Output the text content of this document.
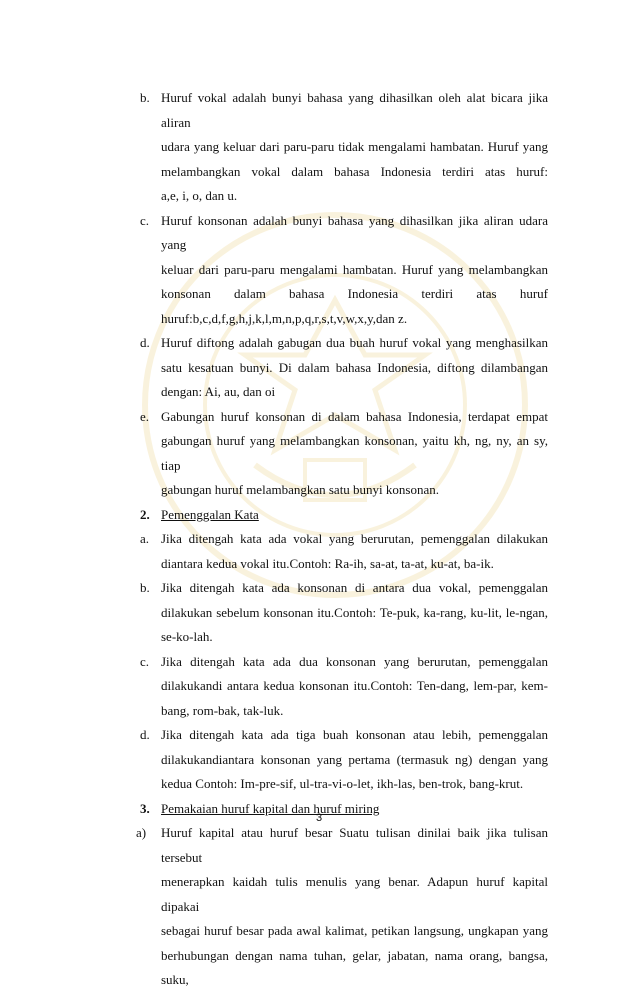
b. Huruf vokal adalah bunyi bahasa yang dihasilkan oleh alat bicara jika aliran
udara yang keluar dari paru-paru tidak mengalami hambatan. Huruf yang
melambangkan vokal dalam bahasa Indonesia terdiri atas huruf:
a,e, i, o, dan u.
c. Huruf konsonan adalah bunyi bahasa yang dihasilkan jika aliran udara yang
keluar dari paru-paru mengalami hambatan. Huruf yang melambangkan
konsonan dalam bahasa Indonesia terdiri atas huruf
huruf:b,c,d,f,g,h,j,k,l,m,n,p,q,r,s,t,v,w,x,y,dan z.
d. Huruf diftong adalah gabugan dua buah huruf vokal yang menghasilkan
satu kesatuan bunyi. Di dalam bahasa Indonesia, diftong dilambangan
dengan: Ai, au, dan oi
e. Gabungan huruf konsonan di dalam bahasa Indonesia, terdapat empat
gabungan huruf yang melambangkan konsonan, yaitu kh, ng, ny, an sy, tiap
gabungan huruf melambangkan satu bunyi konsonan.
2. Pemenggalan Kata
a. Jika ditengah kata ada vokal yang berurutan, pemenggalan dilakukan
diantara kedua vokal itu.Contoh: Ra-ih, sa-at, ta-at, ku-at, ba-ik.
b. Jika ditengah kata ada konsonan di antara dua vokal, pemenggalan
dilakukan sebelum konsonan itu.Contoh: Te-puk, ka-rang, ku-lit, le-ngan,
se-ko-lah.
c. Jika ditengah kata ada dua konsonan yang berurutan, pemenggalan
dilakukandi antara kedua konsonan itu.Contoh: Ten-dang, lem-par, kem-
bang, rom-bak, tak-luk.
d. Jika ditengah kata ada tiga buah konsonan atau lebih, pemenggalan
dilakukandiantara konsonan yang pertama (termasuk ng) dengan yang
kedua Contoh: Im-pre-sif, ul-tra-vi-o-let, ikh-las, ben-trok, bang-krut.
3. Pemakaian huruf kapital dan huruf miring
a) Huruf kapital atau huruf besar Suatu tulisan dinilai baik jika tulisan tersebut
menerapkan kaidah tulis menulis yang benar. Adapun huruf kapital dipakai
sebagai huruf besar pada awal kalimat, petikan langsung, ungkapan yang
berhubungan dengan nama tuhan, gelar, jabatan, nama orang, bangsa, suku,
3
